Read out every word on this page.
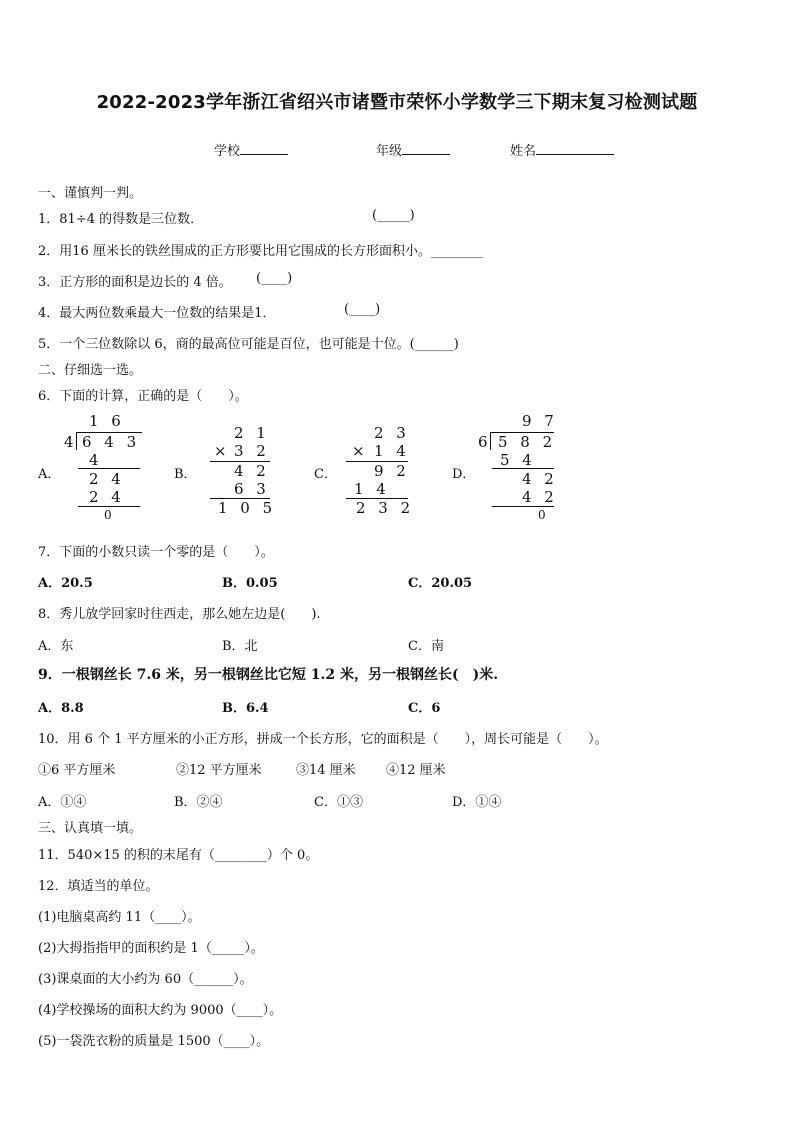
2022-2023学年浙江省绍兴市诸暨市荣怀小学数学三下期末复习检测试题
学校	年级	姓名
一、谨慎判一判。
1．81÷4 的得数是三位数．	(_____)
2．用16 厘米长的铁丝围成的正方形要比用它围成的长方形面积小。________
3．正方形的面积是边长的 4 倍。 (____)
4．最大两位数乘最大一位数的结果是1．	(____)
5．一个三位数除以 6，商的最高位可能是百位，也可能是十位。(______)
二、仔细选一选。
6．下面的计算，正确的是（　　）。
A．	B．	C．	D．
1 6
4 6 4 3
4
2 4
2 4
0
2 1
× 3 2
4 2
6 3
1 0 5
2 3
× 1 4
9 2
1 4
2 3 2
9 7
6 5 8 2
5 4
4 2
4 2
0
7．下面的小数只读一个零的是（　　）。
A．20.5	B．0.05	C．20.05
8．秀儿放学回家时往西走，那么她左边是(　　).
A．东	B．北	C．南
9．一根钢丝长 7.6 米，另一根钢丝比它短 1.2 米，另一根钢丝长(　)米.
A．8.8	B．6.4	C．6
10．用 6 个 1 平方厘米的小正方形，拼成一个长方形，它的面积是（　　），周长可能是（　　）。
①6 平方厘米	②12 平方厘米	③14 厘米 ④12 厘米
A．①④	B．②④	C．①③	D．①④
三、认真填一填。
11．540×15 的积的末尾有（________）个 0。
12．填适当的单位。
(1)电脑桌高约 11（____）。
(2)大拇指指甲的面积约是 1（_____）。
(3)课桌面的大小约为 60（______）。
(4)学校操场的面积大约为 9000（____）。
(5)一袋洗衣粉的质量是 1500（____）。
